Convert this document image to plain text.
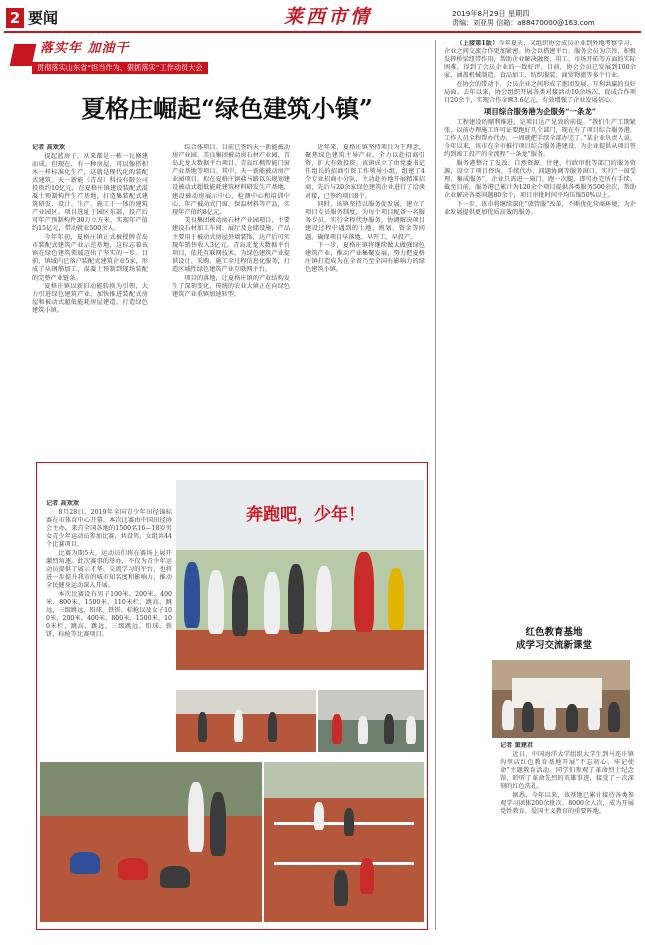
2 要闻	莱西市情	2019年8月29日 星期四
责编：刘亚男 信箱：a88470000@163.com
落实年 加油干
贯彻落实山东省“担当作为、狠抓落实”工作动员大会
夏格庄崛起“绿色建筑小镇”

记者 高欢欢

提起蓝房子，从来都是一栋一瓦修建而成。但现在，有一种房屋，可以像搭积木一样标准化生产，这就是现代化的装配式建筑。天一新能（青岛）科技有限公司投资约10亿元，在夏格庄镇建设装配式混凝土预制构件生产基地，打造集装配式建筑研发、设计、生产、施工于一体的建筑产业园区。项目选址于园区东部，投产后可年产预制构件30万立方米，实现年产值约15亿元，带动就业500余人。

今年年初，夏格庄镇正式被授牌青岛市装配式建筑产业示范基地，这标志着该镇在绿色建筑领域迈出了坚实的一步。目前，镇域内已落户装配式建筑企业5家，形成了从钢筋加工、混凝土预制到现场装配的完整产业链条。

夏格庄镇以新旧动能转换为引领，大力引进绿色建筑产业，加快推进装配式房屋和被动式超低能耗房屋建造，打造绿色建筑小镇。

综合体项目。目前已签约天一新能被动房产业园、美良集团被动房石材产业园、青岛北龙大数据平台项目、青岛红枫智能门窗产业基地等项目。其中，天一新能被动房产业园项目，拟在夏格庄镇盐马路以东规划建设被动式超低能耗建筑材料研发生产基地，建设被动房展示中心、检测中心和培训中心，年产被动式门窗、保温材料等产品，实现年产值约8亿元。

美良集团被动房石材产业园项目，主要建设石材加工车间、展厅及仓储设施，产品主要用于被动式房屋外墙装饰，达产后可实现年销售收入3亿元。青岛北龙大数据平台项目，依托互联网技术，为绿色建筑产业提供设计、采购、施工全过程信息化服务，打造区域性绿色建筑产业互联网平台。

项目的落地，让夏格庄镇的产业结构发生了深刻变化，传统的农业大镇正在向绿色建筑产业重镇加速转型。

近年来，夏格庄镇坚持项目为王理念，聚焦绿色建筑主导产业，全力以赴招商引资、扩大有效投资。该镇成立了由党委书记任组长的招商引资工作领导小组，组建了4个专业招商小分队，主动赴外地开展精准招商，先后与20余家绿色建筑企业进行了洽谈对接，已签约项目8个。

同时，该镇坚持以服务促发展，建立了项目专员服务制度，为每个项目配备一名服务专员，实行全程代办服务，协调解决项目建设过程中遇到的土地、规划、资金等问题，确保项目早落地、早开工、早投产。

下一步，夏格庄镇将继续做大做强绿色建筑产业，推动产业集聚发展，努力把夏格庄镇打造成为在全省乃至全国有影响力的绿色建筑小镇。

（上接第1版）今年夏天，又组织协会成员企业到外地考察学习，企业之间交流合作更加紧密。协会以搭建平台、服务会员为宗旨，积极发挥桥梁纽带作用，帮助企业解决融资、用工、市场开拓等方面的实际困难，得到了会员企业的一致好评。目前，协会会员已发展到100余家，涵盖机械制造、食品加工、纺织服装、商贸物流等多个行业。

在协会的带动下，会员企业之间形成了抱团发展、互利共赢的良好局面。去年以来，协会组织开展各类对接活动10余场次，促成合作项目20余个，实现合作金额3.6亿元，有效增强了企业发展信心。

项目综合服务港为企服务“一条龙”

工程建设的顺利推进，是项目达产见效的前提。“我们生产工期紧张，以前办理施工许可证要跑好几个部门，现在有了项目综合服务港，工作人员全程帮办代办，一周就把手续全部办完了。”某企业负责人说。今年以来，该市在全市推行项目综合服务港建设，为企业提供从项目签约到竣工投产的全流程“一条龙”服务。

服务港整合了发改、自然资源、住建、行政审批等部门的服务资源，设立了项目咨询、手续代办、问题协调等服务窗口，实行“一窗受理、集成服务”，企业只需进一扇门、跑一次腿，即可办完所有手续。截至目前，服务港已累计为120余个项目提供各类服务500余次，帮助企业解决各类问题80余个，项目审批时间平均压缩50%以上。

下一步，该市将继续深化“放管服”改革，不断优化营商环境，为企业发展提供更加优质高效的服务。

红色教育基地
成学习交流新课堂

记者 董建君

近日，中国海洋大学组织大学生到马连庄镇沟里店红色教育基地开展“不忘初心、牢记使命”主题教育活动。同学们参观了革命烈士纪念馆，聆听了革命先烈的英雄事迹，接受了一次深刻的红色洗礼。

据悉，今年以来，该基地已累计接待各类参观学习团体200余批次、8000余人次，成为开展党性教育、爱国主义教育的重要阵地。

记者 高欢欢

8月28日，2019年全国青少年田径锦标赛在市体育中心开幕。本次比赛由中国田径协会主办，来自全国各地的1500名16—18岁男女青少年运动员参加比赛，共设男、女组共44个比赛项目。

比赛为期5天，运动员们将在赛场上展开激烈角逐。此次赛事的举办，不仅为青少年运动员提供了展示才华、交流学习的平台，也将进一步提升我市的城市知名度和影响力，推动全民健身运动深入开展。

本次比赛设有男子100米、200米、400米、800米、1500米、110米栏、跳高、跳远、三级跳远、铅球、铁饼、标枪以及女子100米、200米、400米、800米、1500米、100米栏、跳高、跳远、三级跳远、铅球、铁饼、标枪等比赛项目。

奔跑吧，少年！
